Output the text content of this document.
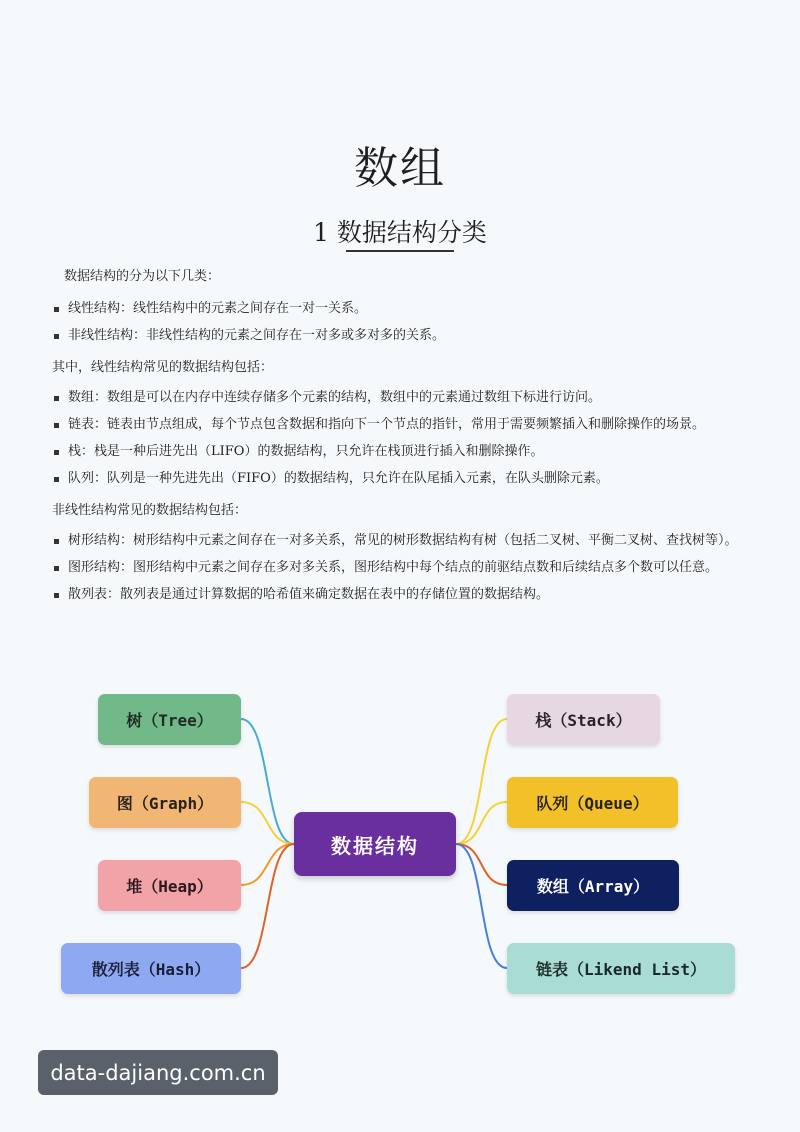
数组
1 数据结构分类

数据结构的分为以下几类：

线性结构：线性结构中的元素之间存在一对一关系。
非线性结构：非线性结构的元素之间存在一对多或多对多的关系。

其中，线性结构常见的数据结构包括：

数组：数组是可以在内存中连续存储多个元素的结构，数组中的元素通过数组下标进行访问。
链表：链表由节点组成，每个节点包含数据和指向下一个节点的指针，常用于需要频繁插入和删除操作的场景。
栈：栈是一种后进先出（LIFO）的数据结构，只允许在栈顶进行插入和删除操作。
队列：队列是一种先进先出（FIFO）的数据结构，只允许在队尾插入元素，在队头删除元素。

非线性结构常见的数据结构包括：

树形结构：树形结构中元素之间存在一对多关系，常见的树形数据结构有树（包括二叉树、平衡二叉树、查找树等）。
图形结构：图形结构中元素之间存在多对多关系，图形结构中每个结点的前驱结点数和后续结点多个数可以任意。
散列表：散列表是通过计算数据的哈希值来确定数据在表中的存储位置的数据结构。
数据结构
树（Tree）
图（Graph）
堆（Heap）
散列表（Hash）
栈（Stack）
队列（Queue）
数组（Array）
链表（Likend List）
data-dajiang.com.cn
